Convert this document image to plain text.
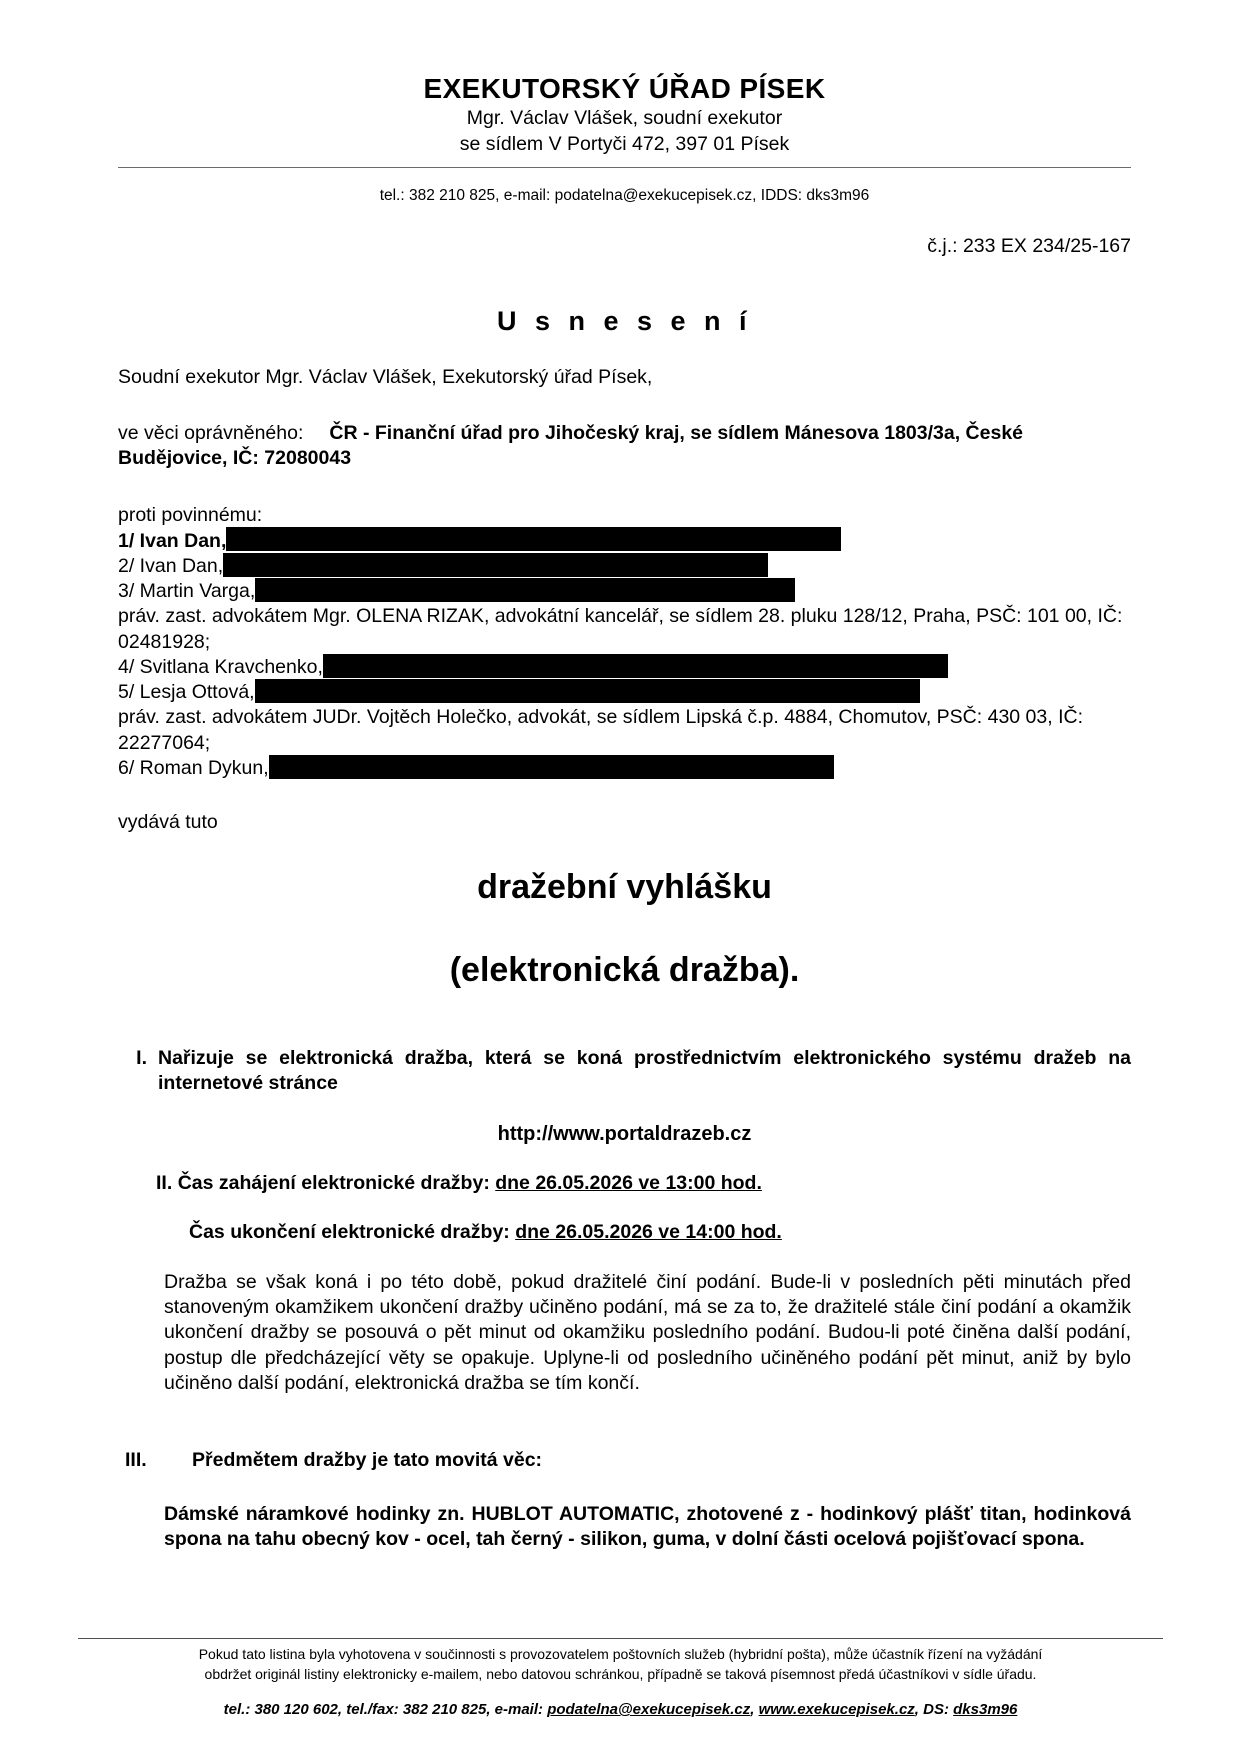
EXEKUTORSKÝ ÚŘAD PÍSEK
Mgr. Václav Vlášek, soudní exekutor
se sídlem V Portyči 472, 397 01 Písek
tel.: 382 210 825, e-mail: podatelna@exekucepisek.cz, IDDS: dks3m96
č.j.: 233 EX 234/25-167
U s n e s e n í
Soudní exekutor Mgr. Václav Vlášek, Exekutorský úřad Písek,
ve věci oprávněného: ČR - Finanční úřad pro Jihočeský kraj, se sídlem Mánesova 1803/3a, České Budějovice, IČ: 72080043
proti povinnému:
1/ Ivan Dan,
2/ Ivan Dan,
3/ Martin Varga,
práv. zast. advokátem Mgr. OLENA RIZAK, advokátní kancelář, se sídlem 28. pluku 128/12, Praha, PSČ: 101 00, IČ: 02481928;
4/ Svitlana Kravchenko,
5/ Lesja Ottová,
práv. zast. advokátem JUDr. Vojtěch Holečko, advokát, se sídlem Lipská č.p. 4884, Chomutov, PSČ: 430 03, IČ: 22277064;
6/ Roman Dykun,
vydává tuto
dražební vyhlášku
(elektronická dražba).
I. Nařizuje se elektronická dražba, která se koná prostřednictvím elektronického systému dražeb na internetové stránce
http://www.portaldrazeb.cz
II. Čas zahájení elektronické dražby: dne 26.05.2026 ve 13:00 hod.
Čas ukončení elektronické dražby: dne 26.05.2026 ve 14:00 hod.
Dražba se však koná i po této době, pokud dražitelé činí podání. Bude-li v posledních pěti minutách před stanoveným okamžikem ukončení dražby učiněno podání, má se za to, že dražitelé stále činí podání a okamžik ukončení dražby se posouvá o pět minut od okamžiku posledního podání. Budou-li poté činěna další podání, postup dle předcházející věty se opakuje. Uplyne-li od posledního učiněného podání pět minut, aniž by bylo učiněno další podání, elektronická dražba se tím končí.
III.	Předmětem dražby je tato movitá věc:
Dámské náramkové hodinky zn. HUBLOT AUTOMATIC, zhotovené z - hodinkový plášť titan, hodinková spona na tahu obecný kov - ocel, tah černý - silikon, guma, v dolní části ocelová pojišťovací spona.
Pokud tato listina byla vyhotovena v součinnosti s provozovatelem poštovních služeb (hybridní pošta), může účastník řízení na vyžádání
obdržet originál listiny elektronicky e-mailem, nebo datovou schránkou, případně se taková písemnost předá účastníkovi v sídle úřadu.
tel.: 380 120 602, tel./fax: 382 210 825, e-mail: podatelna@exekucepisek.cz, www.exekucepisek.cz, DS: dks3m96
